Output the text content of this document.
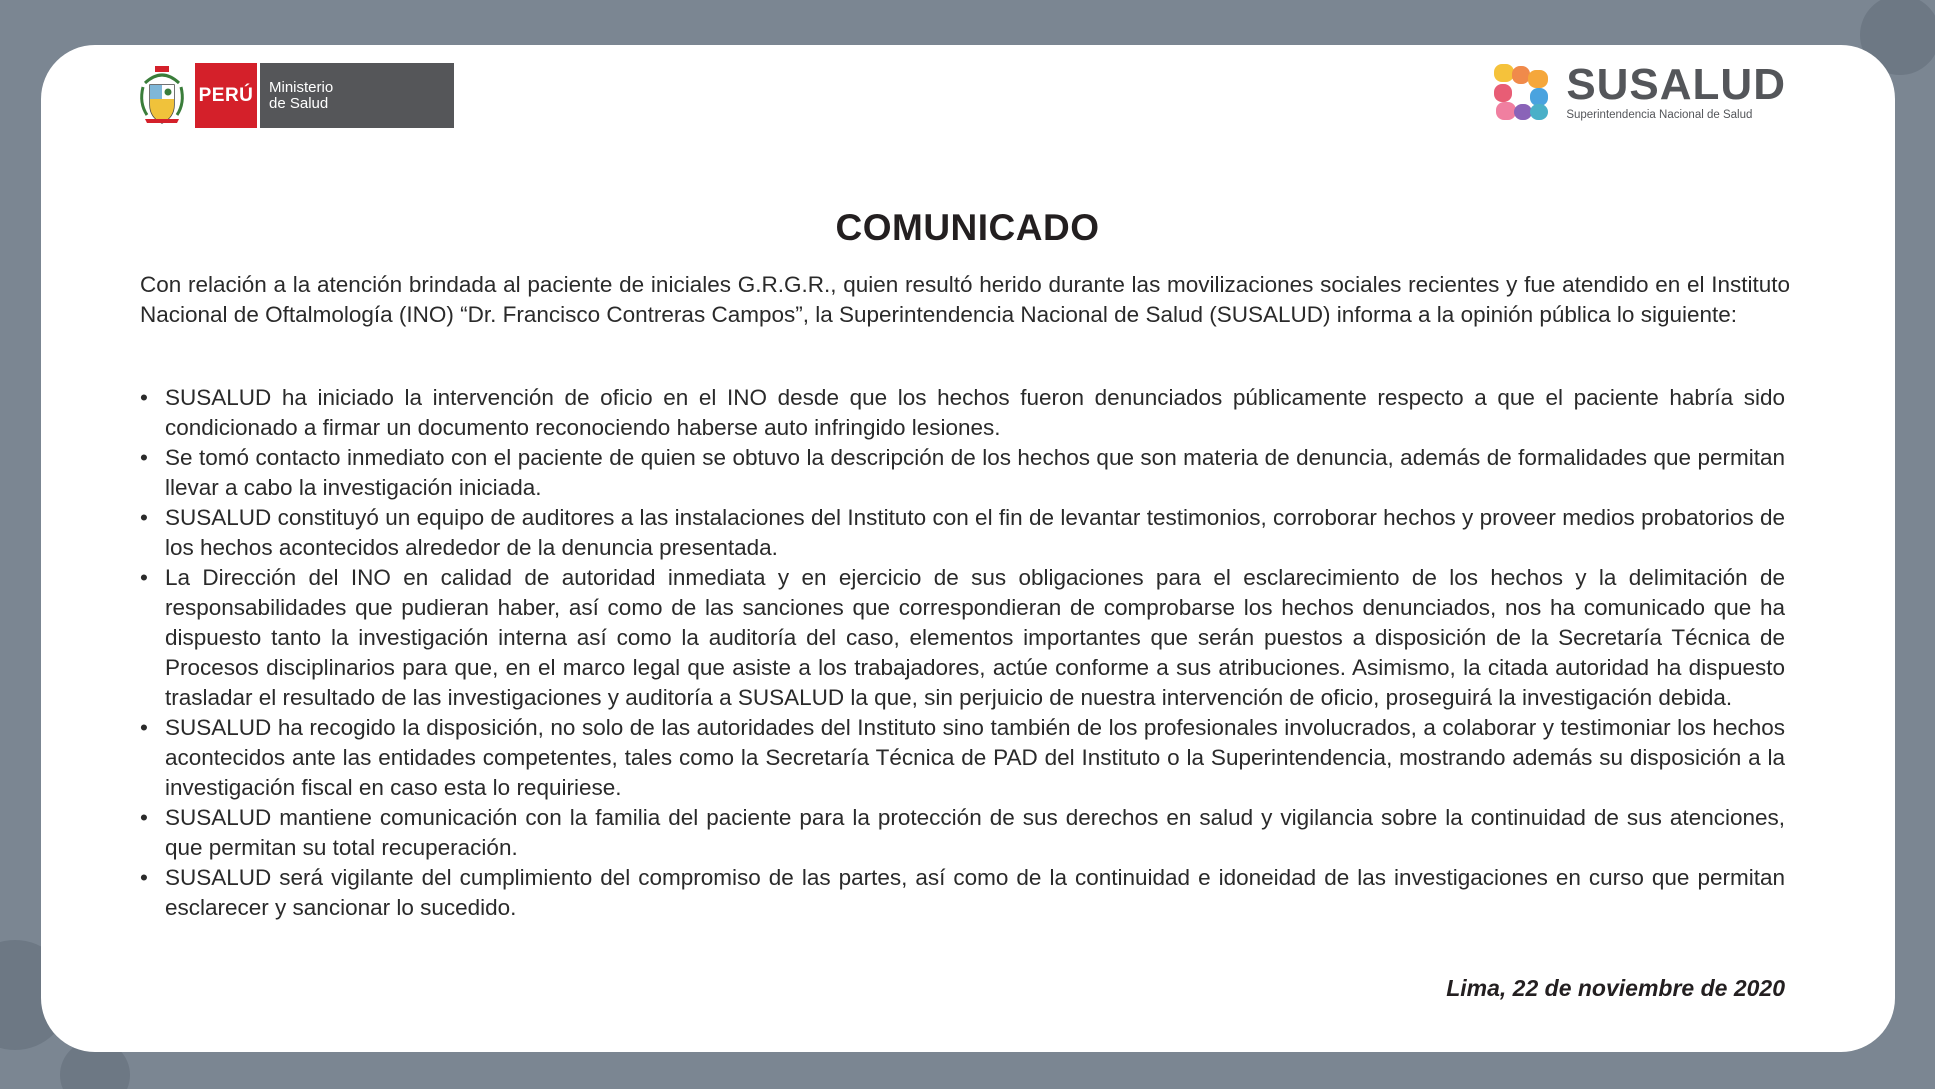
PERÚ Ministerio
de Salud	SUSALUD
Superintendencia Nacional de Salud
COMUNICADO

Con relación a la atención brindada al paciente de iniciales G.R.G.R., quien resultó herido durante las movilizaciones sociales recientes y fue atendido en el Instituto Nacional de Oftalmología (INO) “Dr. Francisco Contreras Campos”, la Superintendencia Nacional de Salud (SUSALUD) informa a la opinión pública lo siguiente:

• SUSALUD ha iniciado la intervención de oficio en el INO desde que los hechos fueron denunciados públicamente respecto a que el paciente habría sido condicionado a firmar un documento reconociendo haberse auto infringido lesiones.
• Se tomó contacto inmediato con el paciente de quien se obtuvo la descripción de los hechos que son materia de denuncia, además de formalidades que permitan llevar a cabo la investigación iniciada.
• SUSALUD constituyó un equipo de auditores a las instalaciones del Instituto con el fin de levantar testimonios, corroborar hechos y proveer medios probatorios de los hechos acontecidos alrededor de la denuncia presentada.
• La Dirección del INO en calidad de autoridad inmediata y en ejercicio de sus obligaciones para el esclarecimiento de los hechos y la delimitación de responsabilidades que pudieran haber, así como de las sanciones que correspondieran de comprobarse los hechos denunciados, nos ha comunicado que ha dispuesto tanto la investigación interna así como la auditoría del caso, elementos importantes que serán puestos a disposición de la Secretaría Técnica de Procesos disciplinarios para que, en el marco legal que asiste a los trabajadores, actúe conforme a sus atribuciones. Asimismo, la citada autoridad ha dispuesto trasladar el resultado de las investigaciones y auditoría a SUSALUD la que, sin perjuicio de nuestra intervención de oficio, proseguirá la investigación debida.
• SUSALUD ha recogido la disposición, no solo de las autoridades del Instituto sino también de los profesionales involucrados, a colaborar y testimoniar los hechos acontecidos ante las entidades competentes, tales como la Secretaría Técnica de PAD del Instituto o la Superintendencia, mostrando además su disposición a la investigación fiscal en caso esta lo requiriese.
• SUSALUD mantiene comunicación con la familia del paciente para la protección de sus derechos en salud y vigilancia sobre la continuidad de sus atenciones, que permitan su total recuperación.
• SUSALUD será vigilante del cumplimiento del compromiso de las partes, así como de la continuidad e idoneidad de las investigaciones en curso que permitan esclarecer y sancionar lo sucedido.
Lima, 22 de noviembre de 2020
